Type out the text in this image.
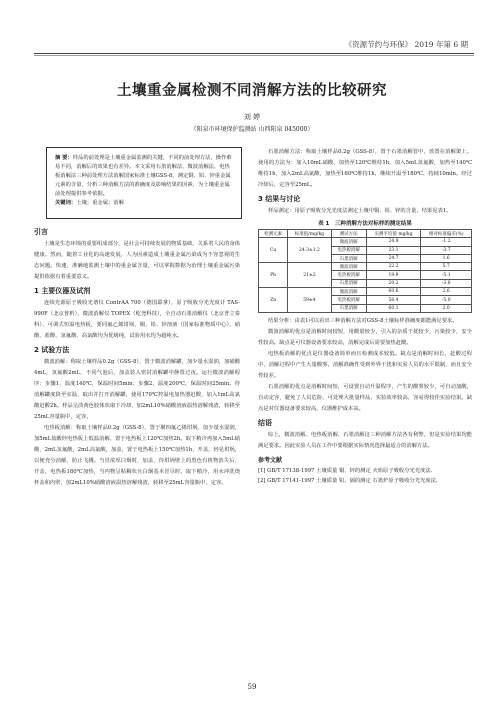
《资源节约与环保》 2019 年第 6 期
土壤重金属检测不同消解方法的比较研究
刘 婷
（阳泉市环境保护监测站 山西阳泉 045000）
摘 要：样品的前处理是土壤重金属监测的关键，不同的前处理方法，操作难易不同，消解后的效果也有差异。本文采用石墨消解法、微波消解法、电热板消解法三种前处理方法消解国家标准土壤GSS-8，测定铜、铅、锌重金属元素的含量，分析三种消解方法的准确度及影响结果的因素，为土壤重金属前处理提供参考依据。
关键词：土壤；重金属；消解
引言
土壤是生态环境的重要组成部分，是社会可持续发展的物质基础，关系着人民的身体健康。然而，随着工业化的高速发展，人为因素造成土壤重金属污染成为不容忽视的生态问题。快速、准确地监测土壤中的重金属含量，可以掌握数据为治理土壤重金属污染提供依据有着重要意义。
1 主要仪器及试剂
连续光源原子吸收光谱仪 ContrAA 700（德国耶拿），原子吸收分光光度计 TAS-990F（北京普析），微波消解仪 TOPEX（屹尧科技），全自动石墨消解仪（北京普立泰科），可调式恒温电热板，要同氟乙烯坩埚，铜、铅、锌溶液（国家标准物质中心），硝酸、盐酸、氢氟酸、高氯酸均为优级纯，试验用水均为超纯水。
2 试验方法
微波消解：称取土壤样品0.2g（GSS-8），置于微波消解罐，加少量水湿润，加硝酸4mL，氢氟酸2mL，不同气泡后，加盖装入密封消解罐中静置过夜。运行微波消解程序：步骤1，温度140℃，保温时间5min；步骤2，温度200℃，保温时间25min。待消解罐度降至室温，取出并打开消解罐，使用170℃控温电加热器赶酸，加入1mL高氯酸赶酸2h。样品呈淡黄色胶体状取下冷却，加2mL10%硝酸溶液温热溶解残渣，转移至25mL容量瓶中，定容。
电热板消解：称取土壤样品0.2g（GSS-8），置于聚四氟乙烯坩埚，加少量水湿润，加5mL盐酸经电热板上低温消解，置于电热板上120℃加热2h。取下稍冷再加入5mL硝酸，2mL氢氟酸，2mL高氯酸，加盖，置于电热板上150℃加热1h，开盖，轻晃坩埚，以便充分消解，防止飞溅。当冒浓厚白烟时，加盖，待坩埚壁上的黑色有机物消失后，开盖，电热板180℃加热，当内物呈粘稠状且白烟基本冒尽时，取下稍冷，用水冲洗烧杯盖和内壁，加2mL10%硝酸溶液温热溶解残渣，转移至25mL容量瓶中，定容。
石墨消解方法：称取土壤样品0.2g（GSS-8），置于石墨消解管中，放置在消解架上。使用的方法为：加入10mL硝酸，加热至120℃维持1h，加入5mL氢氟酸，加热至140℃维持1h，加入2mL高氯酸，加热至160℃维持1h，继续升温至180℃，持续10min。经过冷却后，定容至25mL。
3 结果与讨论
样品测定：用原子吸收分光光度法测定土壤中铜、铅、锌的含量，结果见表1。
表 1　三种消解方法对标样的测定结果
检测元素	标准值/mg/kg	测试方法	实测平均值 mg/kg	相对标准偏差(%)
Cu	24.3±1.2	微波消解	24.9	-1.2
		电热板消解	23.1	-3.7
		石墨消解	24.7	1.6
Pb	21±2	微波消解	22.2	5.7
		电热板消解	19.9	-5.1
		石墨消解	20.2	-3.8
Zn	59±4	微波消解	60.6	2.6
		电热板消解	56.4	-5.0
		石墨消解	60.1	2.0
结果分析：由表1可以看出三种消解方法对GSS-8土壤标样准确度都能满足要求。
微波消解的优点是消解时间较短，用酸量较少，引入的杂质干扰较少，污染较少，安全性较高。缺点是可仪器设备要求较高，消解完成后需要加热赶酸。
电热板消解的优点是仪器设备简单而且检测成本较低。缺点是消解时间长，赶酸过程中，消解过程中产生大量酸雾，消解准确性受到外界干扰和实验人员的水平限制，而且安全性较差。
石墨消解的优点是消解时间短，可设置自动升温程序，产生的酸雾较少，可自动加酸，自动定容，避免了人员危险，可处理大批量样品，实验效率较高，容易得较佳实验结果。缺点是对仪器设备要求较高，仪器维护成本高。
结语
综上，微波消解、电热板消解、石墨消解这三种消解方法各有利弊，但是实验结果均能满足要求。因此实验人员在工作中要根据实际情况选择最适合的消解方法。
参考文献
[1] GB/T 17138-1997 土壤质量 铜、锌的测定 火焰原子吸收分光光度法.
[2] GB/T 17141-1997 土壤质量 铅、镉的测定 石墨炉原子吸收分光光度法.
59
